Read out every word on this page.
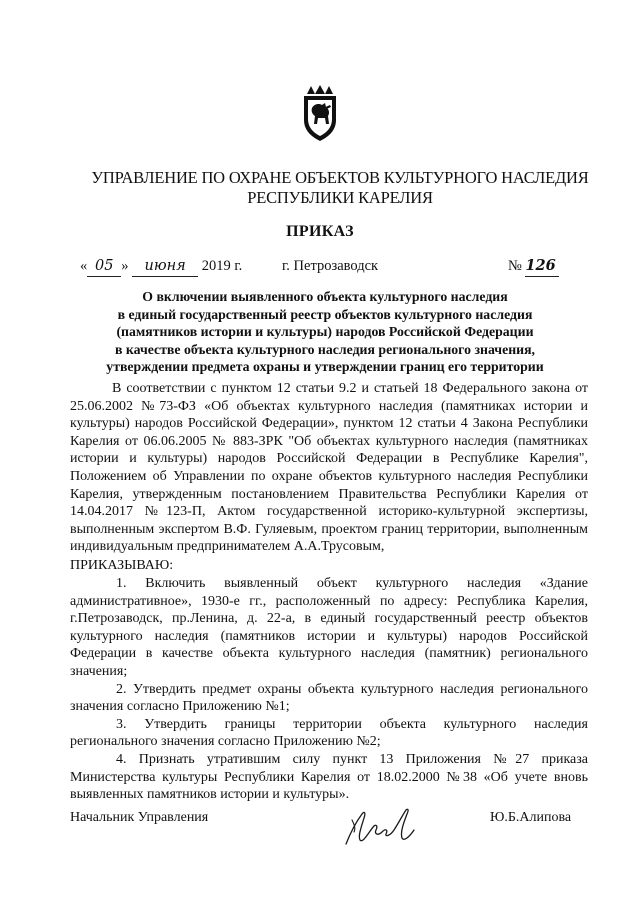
УПРАВЛЕНИЕ ПО ОХРАНЕ ОБЪЕКТОВ КУЛЬТУРНОГО НАСЛЕДИЯ
РЕСПУБЛИКИ КАРЕЛИЯ
ПРИКАЗ
« 05 » июня 2019 г.	г. Петрозаводск	№ 126
О включении выявленного объекта культурного наследия
в единый государственный реестр объектов культурного наследия
(памятников истории и культуры) народов Российской Федерации
в качестве объекта культурного наследия регионального значения,
утверждении предмета охраны и утверждении границ его территории
В соответствии с пунктом 12 статьи 9.2 и статьей 18 Федерального закона от 25.06.2002 №73-ФЗ «Об объектах культурного наследия (памятниках истории и культуры) народов Российской Федерации», пунктом 12 статьи 4 Закона Республики Карелия от 06.06.2005 № 883-ЗРК "Об объектах культурного наследия (памятниках истории и культуры) народов Российской Федерации в Республике Карелия", Положением об Управлении по охране объектов культурного наследия Республики Карелия, утвержденным постановлением Правительства Республики Карелия от 14.04.2017 №123-П, Актом государственной историко-культурной экспертизы, выполненным экспертом В.Ф. Гуляевым, проектом границ территории, выполненным индивидуальным предпринимателем А.А.Трусовым,
ПРИКАЗЫВАЮ:

1. Включить выявленный объект культурного наследия «Здание административное», 1930-е гг., расположенный по адресу: Республика Карелия, г.Петрозаводск, пр.Ленина, д. 22-а, в единый государственный реестр объектов культурного наследия (памятников истории и культуры) народов Российской Федерации в качестве объекта культурного наследия (памятник) регионального значения;

2. Утвердить предмет охраны объекта культурного наследия регионального значения согласно Приложению №1;

3. Утвердить границы территории объекта культурного наследия регионального значения согласно Приложению №2;

4. Признать утратившим силу пункт 13 Приложения №27 приказа Министерства культуры Республики Карелия от 18.02.2000 №38 «Об учете вновь выявленных памятников истории и культуры».

Начальник Управления	Ю.Б.Алипова
